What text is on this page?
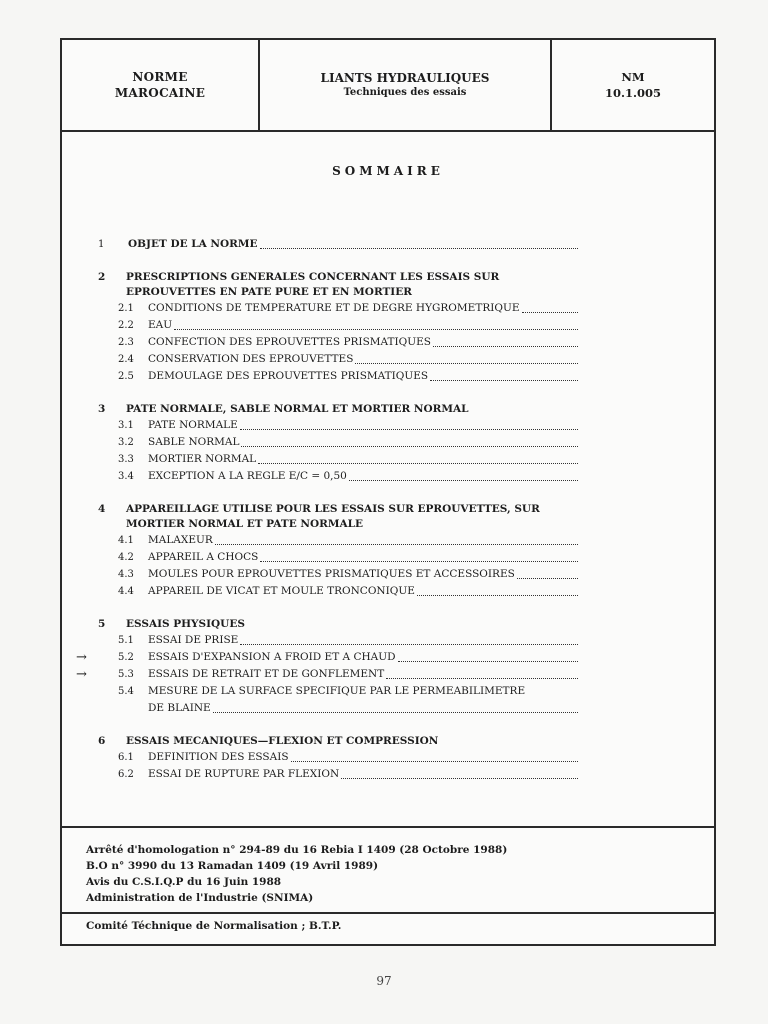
NORME
MAROCAINE
LIANTS HYDRAULIQUES
Techniques des essais
NM
10.1.005
SOMMAIRE
1	OBJET DE LA NORME
2	PRESCRIPTIONS GENERALES CONCERNANT LES ESSAIS SUR EPROUVETTES EN PATE PURE ET EN MORTIER
2.1	CONDITIONS DE TEMPERATURE ET DE DEGRE HYGROMETRIQUE
2.2	EAU
2.3	CONFECTION DES EPROUVETTES PRISMATIQUES
2.4	CONSERVATION DES EPROUVETTES
2.5	DEMOULAGE DES EPROUVETTES PRISMATIQUES
3	PATE NORMALE, SABLE NORMAL ET MORTIER NORMAL
3.1	PATE NORMALE
3.2	SABLE NORMAL
3.3	MORTIER NORMAL
3.4	EXCEPTION A LA REGLE E/C = 0,50
4	APPAREILLAGE UTILISE POUR LES ESSAIS SUR EPROUVETTES, SUR MORTIER NORMAL ET PATE NORMALE
4.1	MALAXEUR
4.2	APPAREIL A CHOCS
4.3	MOULES POUR EPROUVETTES PRISMATIQUES ET ACCESSOIRES
4.4	APPAREIL DE VICAT ET MOULE TRONCONIQUE
5	ESSAIS PHYSIQUES
5.1	ESSAI DE PRISE
→	5.2	ESSAIS D'EXPANSION A FROID ET A CHAUD
→	5.3	ESSAIS DE RETRAIT ET DE GONFLEMENT
5.4	MESURE DE LA SURFACE SPECIFIQUE PAR LE PERMEABILIMETRE
DE BLAINE
6	ESSAIS MECANIQUES—FLEXION ET COMPRESSION
6.1	DEFINITION DES ESSAIS
6.2	ESSAI DE RUPTURE PAR FLEXION
Arrêté d'homologation n° 294-89 du 16 Rebia I 1409 (28 Octobre 1988)
B.O n° 3990 du 13 Ramadan 1409 (19 Avril 1989)
Avis du C.S.I.Q.P du 16 Juin 1988
Administration de l'Industrie (SNIMA)
Comité Téchnique de Normalisation ; B.T.P.
97
